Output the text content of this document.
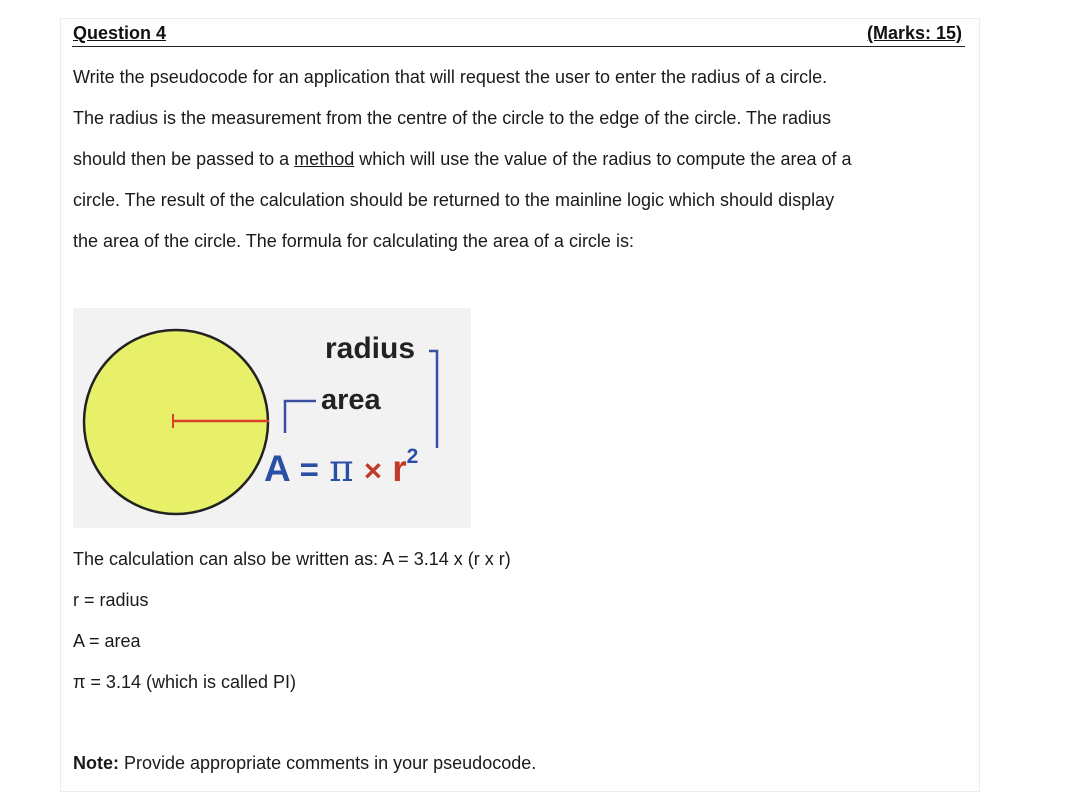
Question 4	(Marks: 15)
Write the pseudocode for an application that will request the user to enter the radius of a circle.
The radius is the measurement from the centre of the circle to the edge of the circle. The radius
should then be passed to a method which will use the value of the radius to compute the area of a
circle. The result of the calculation should be returned to the mainline logic which should display
the area of the circle. The formula for calculating the area of a circle is:
radius
area
$A = \pi \times r^2$
The calculation can also be written as: A = 3.14 x (r x r)
r = radius
A = area
π = 3.14 (which is called PI)
Note: Provide appropriate comments in your pseudocode.
